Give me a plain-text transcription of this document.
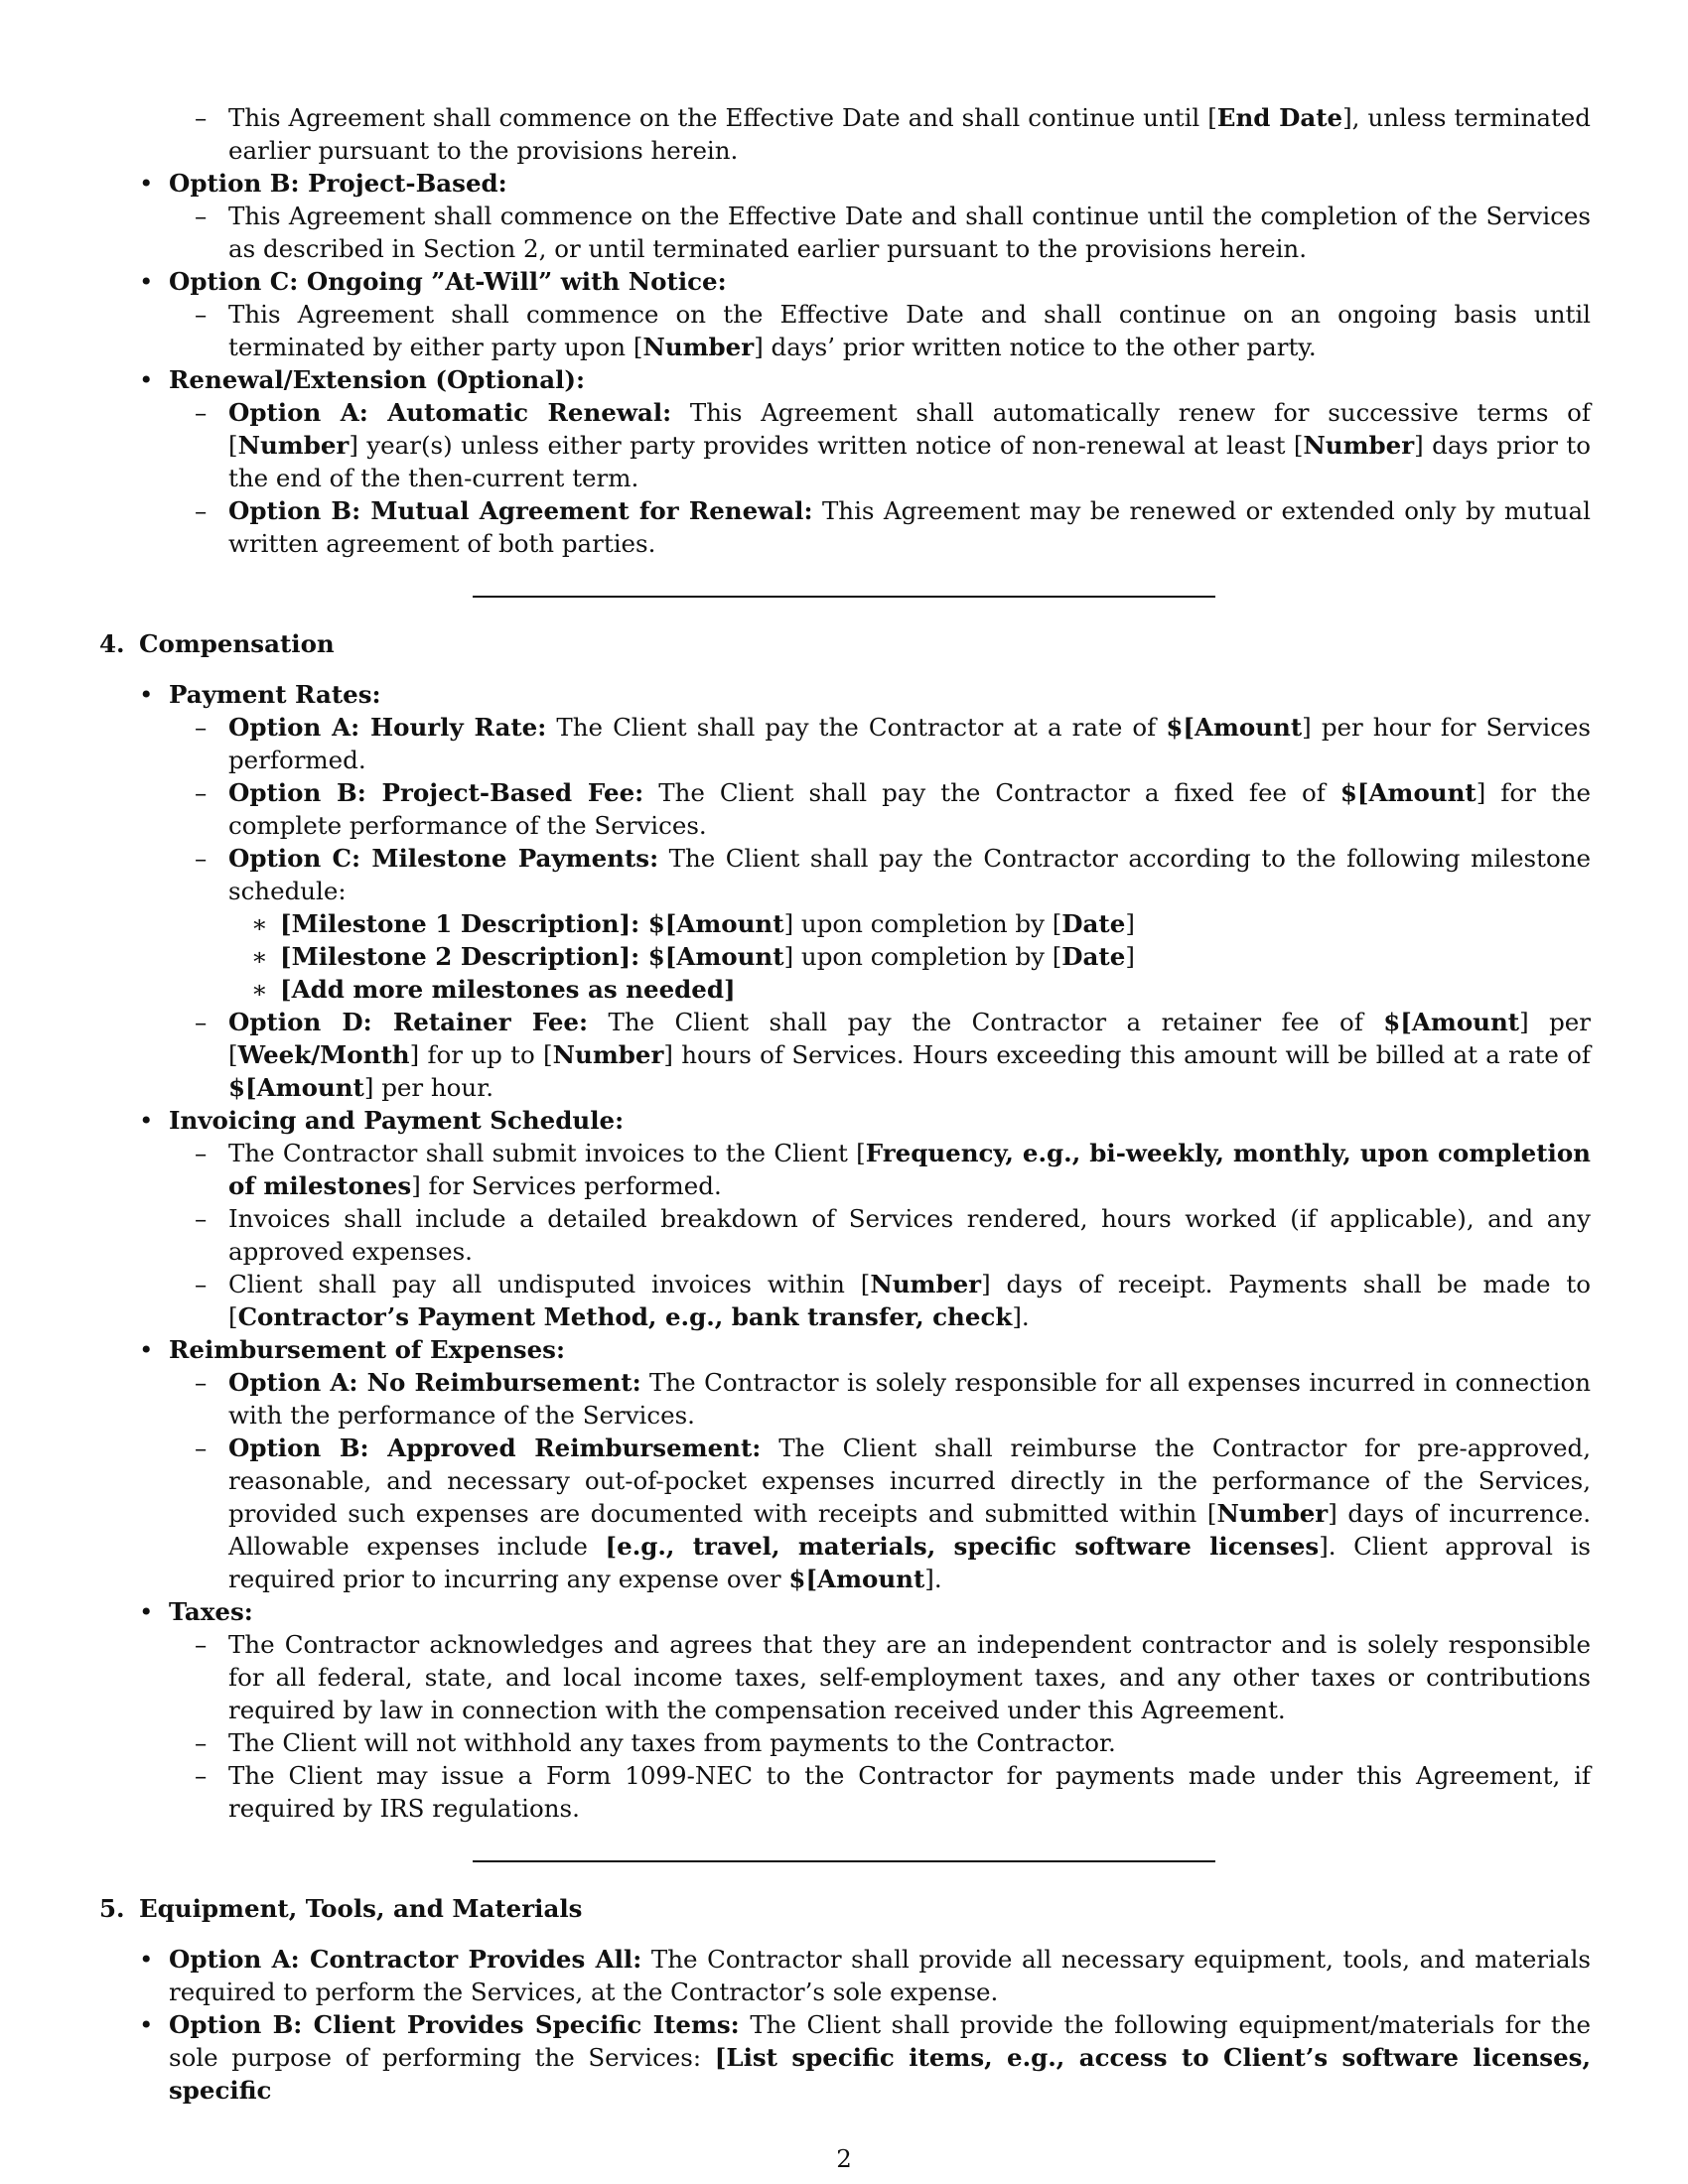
– This Agreement shall commence on the Effective Date and shall continue until [End Date], unless terminated earlier pursuant to the provisions herein.
• Option B: Project-Based:
– This Agreement shall commence on the Effective Date and shall continue until the completion of the Services as described in Section 2, or until terminated earlier pursuant to the provisions herein.
• Option C: Ongoing ”At-Will” with Notice:
– This Agreement shall commence on the Effective Date and shall continue on an ongoing basis until terminated by either party upon [Number] days’ prior written notice to the other party.
• Renewal/Extension (Optional):
– Option A: Automatic Renewal: This Agreement shall automatically renew for successive terms of [Number] year(s) unless either party provides written notice of non-renewal at least [Number] days prior to the end of the then-current term.
– Option B: Mutual Agreement for Renewal: This Agreement may be renewed or extended only by mutual written agreement of both parties.
4. Compensation
• Payment Rates:
– Option A: Hourly Rate: The Client shall pay the Contractor at a rate of $[Amount] per hour for Services performed.
– Option B: Project-Based Fee: The Client shall pay the Contractor a fixed fee of $[Amount] for the complete performance of the Services.
– Option C: Milestone Payments: The Client shall pay the Contractor according to the following milestone schedule:
∗ [Milestone 1 Description]: $[Amount] upon completion by [Date]
∗ [Milestone 2 Description]: $[Amount] upon completion by [Date]
∗ [Add more milestones as needed]
– Option D: Retainer Fee: The Client shall pay the Contractor a retainer fee of $[Amount] per [Week/Month] for up to [Number] hours of Services. Hours exceeding this amount will be billed at a rate of $[Amount] per hour.
• Invoicing and Payment Schedule:
– The Contractor shall submit invoices to the Client [Frequency, e.g., bi-weekly, monthly, upon completion of milestones] for Services performed.
– Invoices shall include a detailed breakdown of Services rendered, hours worked (if applicable), and any approved expenses.
– Client shall pay all undisputed invoices within [Number] days of receipt. Payments shall be made to [Contractor’s Payment Method, e.g., bank transfer, check].
• Reimbursement of Expenses:
– Option A: No Reimbursement: The Contractor is solely responsible for all expenses incurred in connection with the performance of the Services.
– Option B: Approved Reimbursement: The Client shall reimburse the Contractor for pre-approved, reasonable, and necessary out-of-pocket expenses incurred directly in the performance of the Services, provided such expenses are documented with receipts and submitted within [Number] days of incurrence. Allowable expenses include [e.g., travel, materials, specific software licenses]. Client approval is required prior to incurring any expense over $[Amount].
• Taxes:
– The Contractor acknowledges and agrees that they are an independent contractor and is solely responsible for all federal, state, and local income taxes, self-employment taxes, and any other taxes or contributions required by law in connection with the compensation received under this Agreement.
– The Client will not withhold any taxes from payments to the Contractor.
– The Client may issue a Form 1099-NEC to the Contractor for payments made under this Agreement, if required by IRS regulations.
5. Equipment, Tools, and Materials
• Option A: Contractor Provides All: The Contractor shall provide all necessary equipment, tools, and materials required to perform the Services, at the Contractor’s sole expense.
• Option B: Client Provides Specific Items: The Client shall provide the following equipment/materials for the sole purpose of performing the Services: [List specific items, e.g., access to Client’s software licenses, specific
2
